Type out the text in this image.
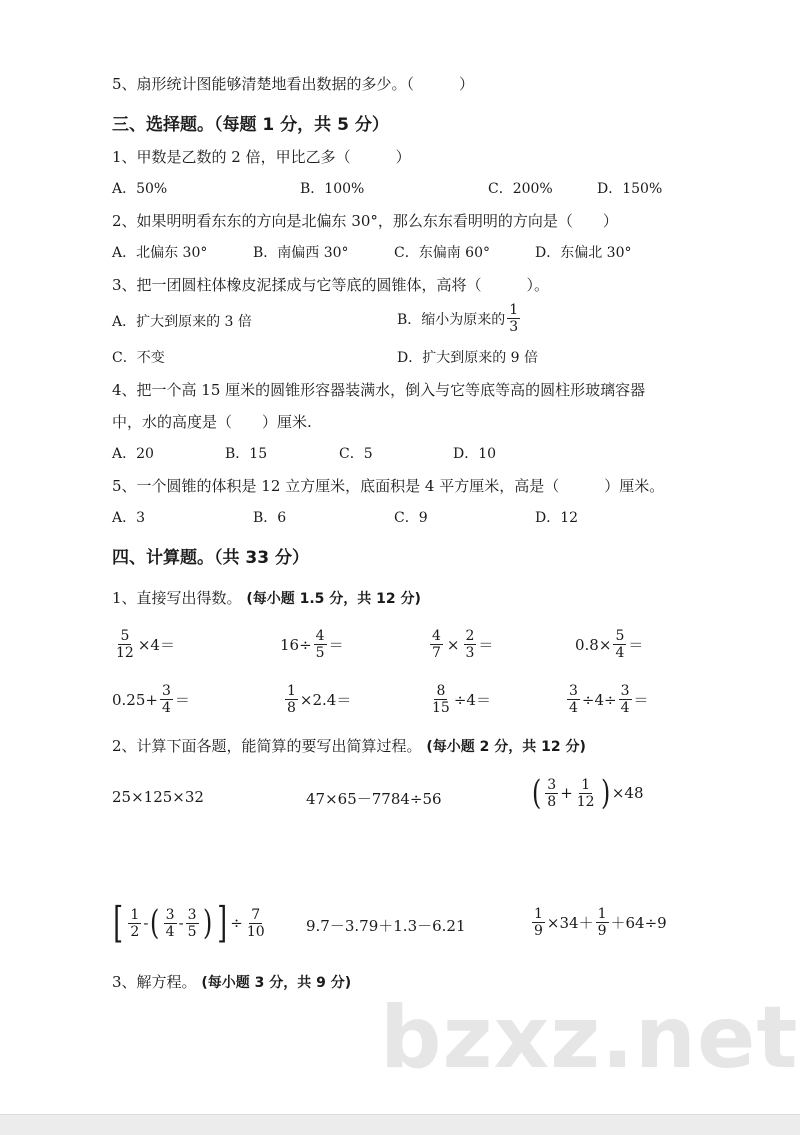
5、扇形统计图能够清楚地看出数据的多少。（　　　）
三、选择题。（每题 1 分，共 5 分）
1、甲数是乙数的 2 倍，甲比乙多（　　　）
A．50%	B．100%	C．200%	D．150%
2、如果明明看东东的方向是北偏东 30°，那么东东看明明的方向是（　　）
A．北偏东 30°	B．南偏西 30°	C．东偏南 60°	D．东偏北 30°
3、把一团圆柱体橡皮泥揉成与它等底的圆锥体，高将（　　　）。
A．扩大到原来的 3 倍	B．缩小为原来的 $\frac{1}{3}$
C．不变	D．扩大到原来的 9 倍
4、把一个高 15 厘米的圆锥形容器装满水，倒入与它等底等高的圆柱形玻璃容器
中，水的高度是（　　）厘米.
A．20	B．15	C．5	D．10
5、一个圆锥的体积是 12 立方厘米，底面积是 4 平方厘米，高是（　　　）厘米。
A．3	B．6	C．9	D．12
四、计算题。（共 33 分）
1、直接写出得数。 (每小题 1.5 分，共 12 分)
$\frac{5}{12} \times 4=$	$16\div \frac{4}{5}$ ＝	$\frac{4}{7} \times \frac{2}{3}$ ＝	$0.8\times \frac{5}{4}$ ＝
$0.25+ \frac{3}{4}$ ＝	$\frac{1}{8} \times 2.4=$	$\frac{8}{15} \div 4=$	$\frac{3}{4} \div 4\div \frac{3}{4}$ ＝
2、计算下面各题，能简算的要写出简算过程。 (每小题 2 分，共 12 分)
25×125×32	47×65－7784÷56	( $\frac{3}{8} + \frac{1}{12}$ ) ×48
[ $\frac{1}{2}$ - ( $\frac{3}{4} - \frac{3}{5}$ ) ] ÷ $\frac{7}{10}$	9.7－3.79＋1.3－6.21	$\frac{1}{9} \times 34+ \frac{1}{9} +64\div 9$
3、解方程。 (每小题 3 分，共 9 分)
bzxz.net
